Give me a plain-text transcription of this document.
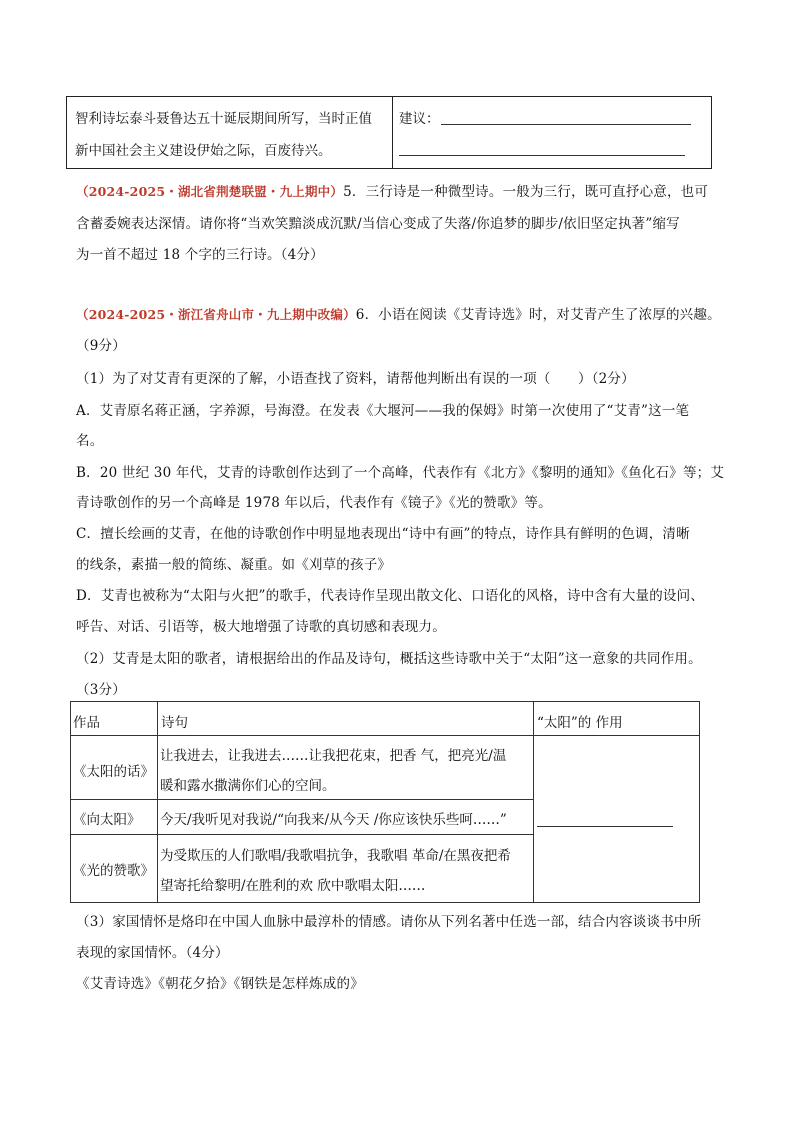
智利诗坛泰斗聂鲁达五十诞辰期间所写，当时正值
新中国社会主义建设伊始之际，百废待兴。
建议：
（2024-2025・湖北省荆楚联盟・九上期中）5．三行诗是一种微型诗。一般为三行，既可直抒心意，也可
含蓄委婉表达深情。请你将“当欢笑黯淡成沉默/当信心变成了失落/你追梦的脚步/依旧坚定执著”缩写
为一首不超过 18 个字的三行诗。（4分）
（2024-2025・浙江省舟山市・九上期中改编）6．小语在阅读《艾青诗选》时，对艾青产生了浓厚的兴趣。
（9分）
（1）为了对艾青有更深的了解，小语查找了资料，请帮他判断出有误的一项（　　）（2分）
A．艾青原名蒋正涵，字养源，号海澄。在发表《大堰河——我的保姆》时第一次使用了“艾青”这一笔
名。
B．20 世纪 30 年代，艾青的诗歌创作达到了一个高峰，代表作有《北方》《黎明的通知》《鱼化石》等；艾
青诗歌创作的另一个高峰是 1978 年以后，代表作有《镜子》《光的赞歌》等。
C．擅长绘画的艾青，在他的诗歌创作中明显地表现出“诗中有画”的特点，诗作具有鲜明的色调，清晰
的线条，素描一般的简练、凝重。如《刈草的孩子》
D．艾青也被称为“太阳与火把”的歌手，代表诗作呈现出散文化、口语化的风格，诗中含有大量的设问、
呼告、对话、引语等，极大地增强了诗歌的真切感和表现力。
（2）艾青是太阳的歌者，请根据给出的作品及诗句，概括这些诗歌中关于“太阳”这一意象的共同作用。
（3分）
作品	诗句	“太阳”的 作用
《太阳的话》
让我进去，让我进去……让我把花束，把香 气，把亮光/温
暖和露水撒满你们心的空间。
《向太阳》 今天/我听见对我说/“向我来/从今天 /你应该快乐些呵……”
《光的赞歌》
为受欺压的人们歌唱/我歌唱抗争，我歌唱 革命/在黑夜把希
望寄托给黎明/在胜利的欢 欣中歌唱太阳……
（3）家国情怀是烙印在中国人血脉中最淳朴的情感。请你从下列名著中任选一部，结合内容谈谈书中所
表现的家国情怀。（4分）
《艾青诗选》《朝花夕拾》《钢铁是怎样炼成的》
